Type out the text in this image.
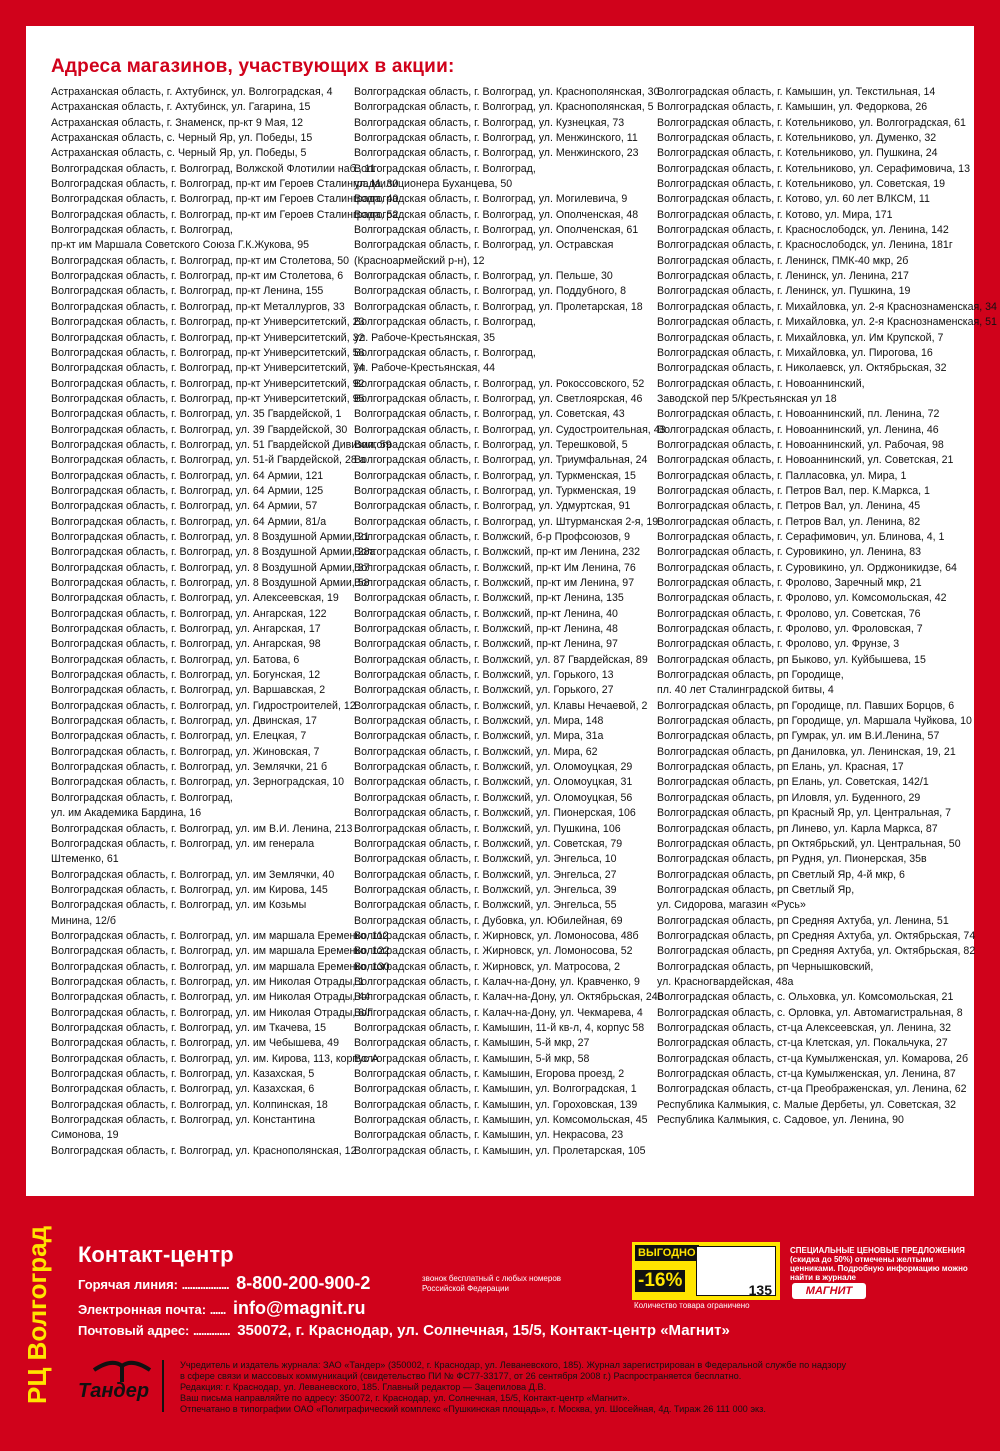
Адреса магазинов, участвующих в акции:
Астраханская область, г. Ахтубинск, ул. Волгоградская, 4
Астраханская область, г. Ахтубинск, ул. Гагарина, 15
Астраханская область, г. Знаменск, пр-кт 9 Мая, 12
Астраханская область, с. Черный Яр, ул. Победы, 15
Астраханская область, с. Черный Яр, ул. Победы, 5
Волгоградская область, г. Волгоград, Волжской Флотилии наб., 11
Волгоградская область, г. Волгоград, пр-кт им Героев Сталинграда, 30
Волгоградская область, г. Волгоград, пр-кт им Героев Сталинграда, 40
Волгоградская область, г. Волгоград, пр-кт им Героев Сталинграда, 52
Волгоградская область, г. Волгоград,
пр-кт им Маршала Советского Союза Г.К.Жукова, 95
Волгоградская область, г. Волгоград, пр-кт им Столетова, 50
Волгоградская область, г. Волгоград, пр-кт им Столетова, 6
Волгоградская область, г. Волгоград, пр-кт Ленина, 155
Волгоградская область, г. Волгоград, пр-кт Металлургов, 33
Волгоградская область, г. Волгоград, пр-кт Университетский, 23
Волгоградская область, г. Волгоград, пр-кт Университетский, 32
Волгоградская область, г. Волгоград, пр-кт Университетский, 58
Волгоградская область, г. Волгоград, пр-кт Университетский, 74
Волгоградская область, г. Волгоград, пр-кт Университетский, 92
Волгоградская область, г. Волгоград, пр-кт Университетский, 95
Волгоградская область, г. Волгоград, ул. 35 Гвардейской, 1
Волгоградская область, г. Волгоград, ул. 39 Гвардейской, 30
Волгоградская область, г. Волгоград, ул. 51 Гвардейской Дивизии, 59
Волгоградская область, г. Волгоград, ул. 51-й Гвардейской, 28 а
Волгоградская область, г. Волгоград, ул. 64 Армии, 121
Волгоградская область, г. Волгоград, ул. 64 Армии, 125
Волгоградская область, г. Волгоград, ул. 64 Армии, 57
Волгоградская область, г. Волгоград, ул. 64 Армии, 81/а
Волгоградская область, г. Волгоград, ул. 8 Воздушной Армии, 21
Волгоградская область, г. Волгоград, ул. 8 Воздушной Армии, 28а
Волгоградская область, г. Волгоград, ул. 8 Воздушной Армии, 37
Волгоградская область, г. Волгоград, ул. 8 Воздушной Армии, 58
Волгоградская область, г. Волгоград, ул. Алексеевская, 19
Волгоградская область, г. Волгоград, ул. Ангарская, 122
Волгоградская область, г. Волгоград, ул. Ангарская, 17
Волгоградская область, г. Волгоград, ул. Ангарская, 98
Волгоградская область, г. Волгоград, ул. Батова, 6
Волгоградская область, г. Волгоград, ул. Богунская, 12
Волгоградская область, г. Волгоград, ул. Варшавская, 2
Волгоградская область, г. Волгоград, ул. Гидростроителей, 12
Волгоградская область, г. Волгоград, ул. Двинская, 17
Волгоградская область, г. Волгоград, ул. Елецкая, 7
Волгоградская область, г. Волгоград, ул. Жиновская, 7
Волгоградская область, г. Волгоград, ул. Землячки, 21 б
Волгоградская область, г. Волгоград, ул. Зерноградская, 10
Волгоградская область, г. Волгоград,
ул. им Академика Бардина, 16
Волгоградская область, г. Волгоград, ул. им В.И. Ленина, 213
Волгоградская область, г. Волгоград, ул. им генерала
Штеменко, 61
Волгоградская область, г. Волгоград, ул. им Землячки, 40
Волгоградская область, г. Волгоград, ул. им Кирова, 145
Волгоградская область, г. Волгоград, ул. им Козьмы
Минина, 12/б
Волгоградская область, г. Волгоград, ул. им маршала Еременко, 112
Волгоградская область, г. Волгоград, ул. им маршала Еременко, 122
Волгоградская область, г. Волгоград, ул. им маршала Еременко, 130
Волгоградская область, г. Волгоград, ул. им Николая Отрады, 1
Волгоградская область, г. Волгоград, ул. им Николая Отрады, 44
Волгоградская область, г. Волгоград, ул. им Николая Отрады, 8/Г
Волгоградская область, г. Волгоград, ул. им Ткачева, 15
Волгоградская область, г. Волгоград, ул. им Чебышева, 49
Волгоградская область, г. Волгоград, ул. им. Кирова, 113, корпус А
Волгоградская область, г. Волгоград, ул. Казахская, 5
Волгоградская область, г. Волгоград, ул. Казахская, 6
Волгоградская область, г. Волгоград, ул. Колпинская, 18
Волгоградская область, г. Волгоград, ул. Константина
Симонова, 19
Волгоградская область, г. Волгоград, ул. Краснополянская, 12
Волгоградская область, г. Волгоград, ул. Краснополянская, 30
Волгоградская область, г. Волгоград, ул. Краснополянская, 5
Волгоградская область, г. Волгоград, ул. Кузнецкая, 73
Волгоградская область, г. Волгоград, ул. Менжинского, 11
Волгоградская область, г. Волгоград, ул. Менжинского, 23
Волгоградская область, г. Волгоград,
ул. Милиционера Буханцева, 50
Волгоградская область, г. Волгоград, ул. Могилевича, 9
Волгоградская область, г. Волгоград, ул. Ополченская, 48
Волгоградская область, г. Волгоград, ул. Ополченская, 61
Волгоградская область, г. Волгоград, ул. Остравская
(Красноармейский р-н), 12
Волгоградская область, г. Волгоград, ул. Пельше, 30
Волгоградская область, г. Волгоград, ул. Поддубного, 8
Волгоградская область, г. Волгоград, ул. Пролетарская, 18
Волгоградская область, г. Волгоград,
ул. Рабоче-Крестьянская, 35
Волгоградская область, г. Волгоград,
ул. Рабоче-Крестьянская, 44
Волгоградская область, г. Волгоград, ул. Рокоссовского, 52
Волгоградская область, г. Волгоград, ул. Светлоярская, 46
Волгоградская область, г. Волгоград, ул. Советская, 43
Волгоградская область, г. Волгоград, ул. Судостроительная, 43
Волгоградская область, г. Волгоград, ул. Терешковой, 5
Волгоградская область, г. Волгоград, ул. Триумфальная, 24
Волгоградская область, г. Волгоград, ул. Туркменская, 15
Волгоградская область, г. Волгоград, ул. Туркменская, 19
Волгоградская область, г. Волгоград, ул. Удмуртская, 91
Волгоградская область, г. Волгоград, ул. Штурманская 2-я, 19
Волгоградская область, г. Волжский, б-р Профсоюзов, 9
Волгоградская область, г. Волжский, пр-кт им Ленина, 232
Волгоградская область, г. Волжский, пр-кт Им Ленина, 76
Волгоградская область, г. Волжский, пр-кт им Ленина, 97
Волгоградская область, г. Волжский, пр-кт Ленина, 135
Волгоградская область, г. Волжский, пр-кт Ленина, 40
Волгоградская область, г. Волжский, пр-кт Ленина, 48
Волгоградская область, г. Волжский, пр-кт Ленина, 97
Волгоградская область, г. Волжский, ул. 87 Гвардейская, 89
Волгоградская область, г. Волжский, ул. Горького, 13
Волгоградская область, г. Волжский, ул. Горького, 27
Волгоградская область, г. Волжский, ул. Клавы Нечаевой, 2
Волгоградская область, г. Волжский, ул. Мира, 148
Волгоградская область, г. Волжский, ул. Мира, 31а
Волгоградская область, г. Волжский, ул. Мира, 62
Волгоградская область, г. Волжский, ул. Оломоуцкая, 29
Волгоградская область, г. Волжский, ул. Оломоуцкая, 31
Волгоградская область, г. Волжский, ул. Оломоуцкая, 56
Волгоградская область, г. Волжский, ул. Пионерская, 106
Волгоградская область, г. Волжский, ул. Пушкина, 106
Волгоградская область, г. Волжский, ул. Советская, 79
Волгоградская область, г. Волжский, ул. Энгельса, 10
Волгоградская область, г. Волжский, ул. Энгельса, 27
Волгоградская область, г. Волжский, ул. Энгельса, 39
Волгоградская область, г. Волжский, ул. Энгельса, 55
Волгоградская область, г. Дубовка, ул. Юбилейная, 69
Волгоградская область, г. Жирновск, ул. Ломоносова, 48б
Волгоградская область, г. Жирновск, ул. Ломоносова, 52
Волгоградская область, г. Жирновск, ул. Матросова, 2
Волгоградская область, г. Калач-на-Дону, ул. Кравченко, 9
Волгоградская область, г. Калач-на-Дону, ул. Октябрьская, 246
Волгоградская область, г. Калач-на-Дону, ул. Чекмарева, 4
Волгоградская область, г. Камышин, 11-й кв-л, 4, корпус 58
Волгоградская область, г. Камышин, 5-й мкр, 27
Волгоградская область, г. Камышин, 5-й мкр, 58
Волгоградская область, г. Камышин, Егорова проезд, 2
Волгоградская область, г. Камышин, ул. Волгоградская, 1
Волгоградская область, г. Камышин, ул. Гороховская, 139
Волгоградская область, г. Камышин, ул. Комсомольская, 45
Волгоградская область, г. Камышин, ул. Некрасова, 23
Волгоградская область, г. Камышин, ул. Пролетарская, 105
Волгоградская область, г. Камышин, ул. Текстильная, 14
Волгоградская область, г. Камышин, ул. Федоркова, 26
Волгоградская область, г. Котельниково, ул. Волгоградская, 61
Волгоградская область, г. Котельниково, ул. Думенко, 32
Волгоградская область, г. Котельниково, ул. Пушкина, 24
Волгоградская область, г. Котельниково, ул. Серафимовича, 13
Волгоградская область, г. Котельниково, ул. Советская, 19
Волгоградская область, г. Котово, ул. 60 лет ВЛКСМ, 11
Волгоградская область, г. Котово, ул. Мира, 171
Волгоградская область, г. Краснослободск, ул. Ленина, 142
Волгоградская область, г. Краснослободск, ул. Ленина, 181г
Волгоградская область, г. Ленинск, ПМК-40 мкр, 2б
Волгоградская область, г. Ленинск, ул. Ленина, 217
Волгоградская область, г. Ленинск, ул. Пушкина, 19
Волгоградская область, г. Михайловка, ул. 2-я Краснознаменская, 34
Волгоградская область, г. Михайловка, ул. 2-я Краснознаменская, 51
Волгоградская область, г. Михайловка, ул. Им Крупской, 7
Волгоградская область, г. Михайловка, ул. Пирогова, 16
Волгоградская область, г. Николаевск, ул. Октябрьская, 32
Волгоградская область, г. Новоаннинский,
Заводской пер 5/Крестьянская ул 18
Волгоградская область, г. Новоаннинский, пл. Ленина, 72
Волгоградская область, г. Новоаннинский, ул. Ленина, 46
Волгоградская область, г. Новоаннинский, ул. Рабочая, 98
Волгоградская область, г. Новоаннинский, ул. Советская, 21
Волгоградская область, г. Палласовка, ул. Мира, 1
Волгоградская область, г. Петров Вал, пер. К.Маркса, 1
Волгоградская область, г. Петров Вал, ул. Ленина, 45
Волгоградская область, г. Петров Вал, ул. Ленина, 82
Волгоградская область, г. Серафимович, ул. Блинова, 4, 1
Волгоградская область, г. Суровикино, ул. Ленина, 83
Волгоградская область, г. Суровикино, ул. Орджоникидзе, 64
Волгоградская область, г. Фролово, Заречный мкр, 21
Волгоградская область, г. Фролово, ул. Комсомольская, 42
Волгоградская область, г. Фролово, ул. Советская, 76
Волгоградская область, г. Фролово, ул. Фроловская, 7
Волгоградская область, г. Фролово, ул. Фрунзе, 3
Волгоградская область, рп Быково, ул. Куйбышева, 15
Волгоградская область, рп Городище,
пл. 40 лет Сталинградской битвы, 4
Волгоградская область, рп Городище, пл. Павших Борцов, 6
Волгоградская область, рп Городище, ул. Маршала Чуйкова, 10
Волгоградская область, рп Гумрак, ул. им В.И.Ленина, 57
Волгоградская область, рп Даниловка, ул. Ленинская, 19, 21
Волгоградская область, рп Елань, ул. Красная, 17
Волгоградская область, рп Елань, ул. Советская, 142/1
Волгоградская область, рп Иловля, ул. Буденного, 29
Волгоградская область, рп Красный Яр, ул. Центральная, 7
Волгоградская область, рп Линево, ул. Карла Маркса, 87
Волгоградская область, рп Октябрьский, ул. Центральная, 50
Волгоградская область, рп Рудня, ул. Пионерская, 35в
Волгоградская область, рп Светлый Яр, 4-й мкр, 6
Волгоградская область, рп Светлый Яр,
ул. Сидорова, магазин «Русь»
Волгоградская область, рп Средняя Ахтуба, ул. Ленина, 51
Волгоградская область, рп Средняя Ахтуба, ул. Октябрьская, 74
Волгоградская область, рп Средняя Ахтуба, ул. Октябрьская, 82
Волгоградская область, рп Чернышковский,
ул. Красногвардейская, 48а
Волгоградская область, с. Ольховка, ул. Комсомольская, 21
Волгоградская область, с. Орловка, ул. Автомагистральная, 8
Волгоградская область, ст-ца Алексеевская, ул. Ленина, 32
Волгоградская область, ст-ца Клетская, ул. Покальчука, 27
Волгоградская область, ст-ца Кумылженская, ул. Комарова, 2б
Волгоградская область, ст-ца Кумылженская, ул. Ленина, 87
Волгоградская область, ст-ца Преображенская, ул. Ленина, 62
Республика Калмыкия, с. Малые Дербеты, ул. Советская, 32
Республика Калмыкия, с. Садовое, ул. Ленина, 90
РЦ Волгоград Контакт-центр
Горячая линия: .................. 8-800-200-900-2
Электронная почта: ...... info@magnit.ru
Почтовый адрес: .............. 350072, г. Краснодар, ул. Солнечная, 15/5, Контакт-центр «Магнит»
звонок бесплатный с любых номеров Российской Федерации
ВЫГОДНО
-16%	135
Количество товара ограничено
СПЕЦИАЛЬНЫЕ ЦЕНОВЫЕ ПРЕДЛОЖЕНИЯ (скидка до 50%) отмечены желтыми ценниками. Подробную информацию можно найти в журнале
МАГНИТ
Тандер
Учредитель и издатель журнала: ЗАО «Тандер» (350002, г. Краснодар, ул. Леваневского, 185). Журнал зарегистрирован в Федеральной службе по надзору
в сфере связи и массовых коммуникаций (свидетельство ПИ № ФС77-33177, от 26 сентября 2008 г.) Распространяется бесплатно.
Редакция: г. Краснодар, ул. Леваневского, 185. Главный редактор — Зацепилова Д.В.
Ваш письма направляйте по адресу: 350072, г. Краснодар, ул. Солнечная, 15/5, Контакт-центр «Магнит».
Отпечатано в типографии ОАО «Полиграфический комплекс «Пушкинская площадь», г. Москва, ул. Шосейная, 4д. Тираж 26 111 000 экз.
